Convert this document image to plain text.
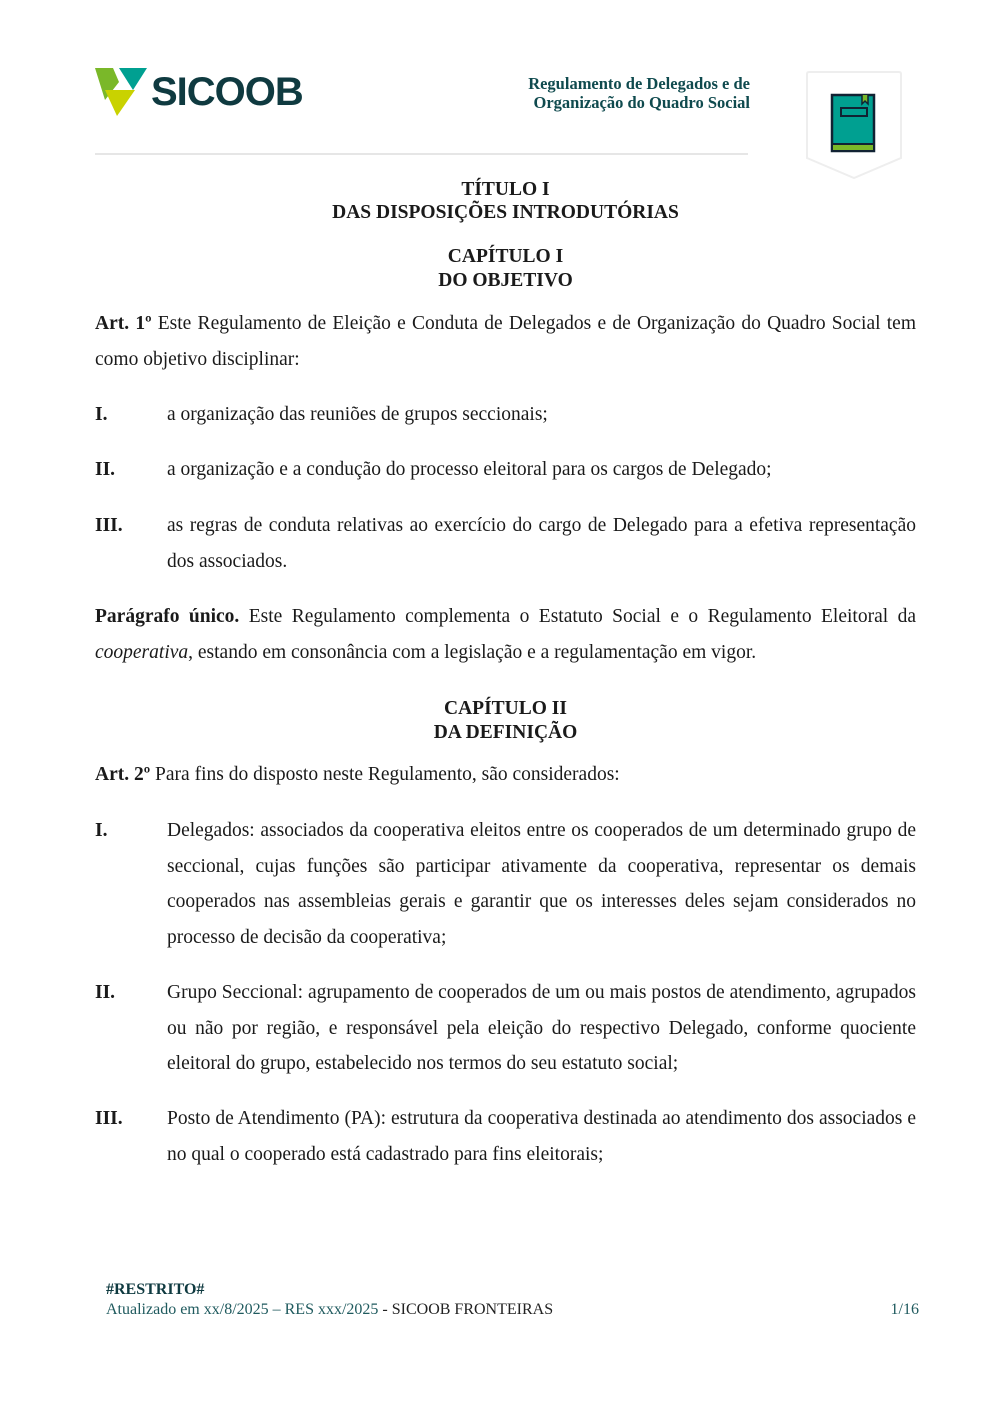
SICOOB	Regulamento de Delegados e de
Organização do Quadro Social
TÍTULO I
DAS DISPOSIÇÕES INTRODUTÓRIAS
CAPÍTULO I
DO OBJETIVO
Art. 1º Este Regulamento de Eleição e Conduta de Delegados e de Organização do Quadro Social tem como objetivo disciplinar:
I.	a organização das reuniões de grupos seccionais;
II.	a organização e a condução do processo eleitoral para os cargos de Delegado;
III. as regras de conduta relativas ao exercício do cargo de Delegado para a efetiva representação dos associados.
Parágrafo único. Este Regulamento complementa o Estatuto Social e o Regulamento Eleitoral da cooperativa, estando em consonância com a legislação e a regulamentação em vigor.
CAPÍTULO II
DA DEFINIÇÃO
Art. 2º Para fins do disposto neste Regulamento, são considerados:
I.	Delegados: associados da cooperativa eleitos entre os cooperados de um determinado grupo de seccional, cujas funções são participar ativamente da cooperativa, representar os demais cooperados nas assembleias gerais e garantir que os interesses deles sejam considerados no processo de decisão da cooperativa;
II.	Grupo Seccional: agrupamento de cooperados de um ou mais postos de atendimento, agrupados ou não por região, e responsável pela eleição do respectivo Delegado, conforme quociente eleitoral do grupo, estabelecido nos termos do seu estatuto social;
III. Posto de Atendimento (PA): estrutura da cooperativa destinada ao atendimento dos associados e no qual o cooperado está cadastrado para fins eleitorais;
#RESTRITO#
Atualizado em xx/8/2025 – RES xxx/2025 - SICOOB FRONTEIRAS	1/16
